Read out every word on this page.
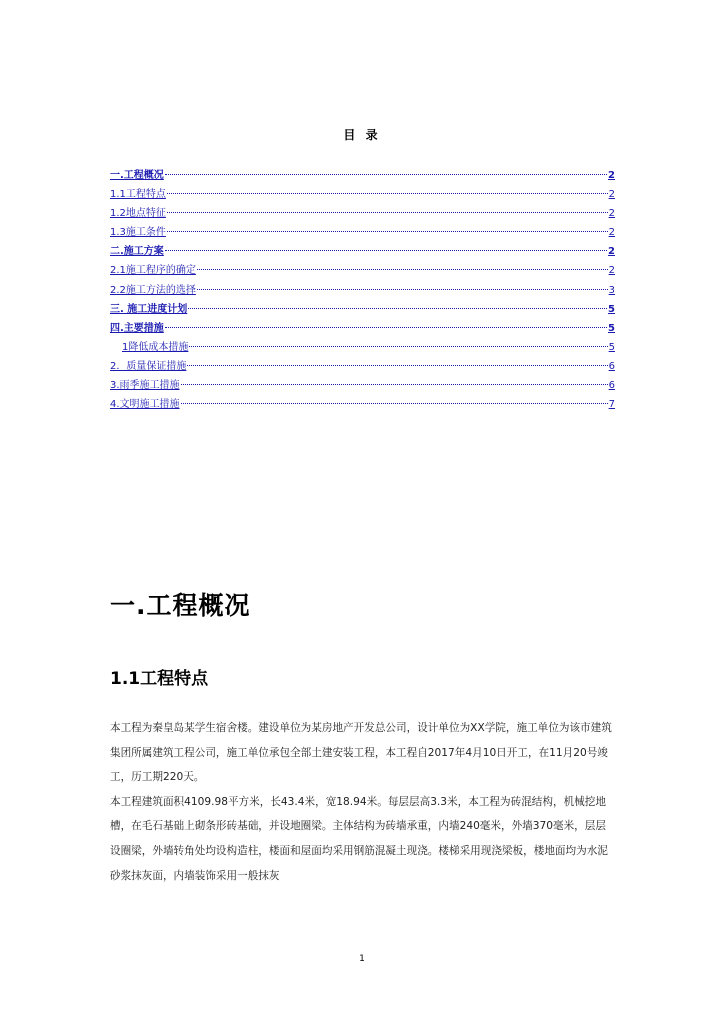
目 录
一.工程概况	2
1.1工程特点	2
1.2地点特征	2
1.3施工条件	2
二.施工方案	2
2.1施工程序的确定	2
2.2施工方法的选择	3
三. 施工进度计划	5
四.主要措施	5
1降低成本措施	5
2．质量保证措施	6
3.雨季施工措施	6
4.文明施工措施	7
一.工程概况
1.1工程特点

本工程为秦皇岛某学生宿舍楼。建设单位为某房地产开发总公司，设计单位为XX学院，施工单位为该市建筑集团所属建筑工程公司，施工单位承包全部土建安装工程，本工程自2017年4月10日开工，在11月20号竣工，历工期220天。

本工程建筑面积4109.98平方米，长43.4米，宽18.94米。每层层高3.3米，本工程为砖混结构，机械挖地槽，在毛石基础上砌条形砖基础，并设地圈梁。主体结构为砖墙承重，内墙240毫米，外墙370毫米，层层设圈梁，外墙转角处均设构造柱，楼面和屋面均采用钢筋混凝土现浇。楼梯采用现浇梁板，楼地面均为水泥砂浆抹灰面，内墙装饰采用一般抹灰

1
